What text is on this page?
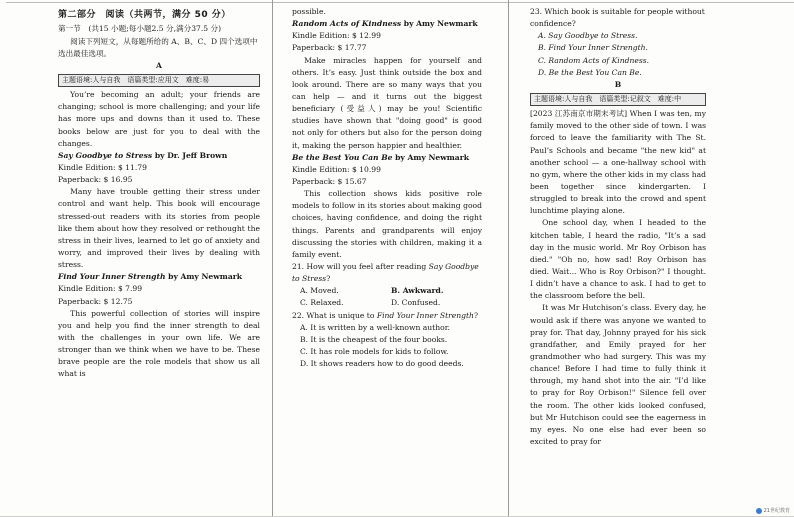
第二部分　阅读（共两节，满分 50 分）

第一节　(共15 小题;每小题2.5 分,满分37.5 分)

阅读下列短文，从每题所给的 A、B、C、D 四个选项中选出最佳选项。

A

主题语境:人与自我　语篇类型:应用文　难度:易

You’re becoming an adult; your friends are changing; school is more challenging; and your life has more ups and downs than it used to. These books below are just for you to deal with the changes.

Say Goodbye to Stress by Dr. Jeff Brown

Kindle Edition: $ 11.79

Paperback: $ 16.95

Many have trouble getting their stress under control and want help. This book will encourage stressed-out readers with its stories from people like them about how they resolved or rethought the stress in their lives, learned to let go of anxiety and worry, and improved their lives by dealing with stress.

Find Your Inner Strength by Amy Newmark

Kindle Edition: $ 7.99

Paperback: $ 12.75

This powerful collection of stories will inspire you and help you find the inner strength to deal with the challenges in your own life. We are stronger than we think when we have to be. These brave people are the role models that show us all what is

possible.

Random Acts of Kindness by Amy Newmark

Kindle Edition: $ 12.99

Paperback: $ 17.77

Make miracles happen for yourself and others. It’s easy. Just think outside the box and look around. There are so many ways that you can help — and it turns out the biggest beneficiary (受益人) may be you! Scientific studies have shown that "doing good" is good not only for others but also for the person doing it, making the person happier and healthier.

Be the Best You Can Be by Amy Newmark

Kindle Edition: $ 10.99

Paperback: $ 15.67

This collection shows kids positive role models to follow in its stories about making good choices, having confidence, and doing the right things. Parents and grandparents will enjoy discussing the stories with children, making it a family event.

21. How will you feel after reading Say Goodbye to Stress?

A. Moved.	B. Awkward.
C. Relaxed.	D. Confused.

22. What is unique to Find Your Inner Strength?

A. It is written by a well-known author.

B. It is the cheapest of the four books.

C. It has role models for kids to follow.

D. It shows readers how to do good deeds.

23. Which book is suitable for people without confidence?

A. Say Goodbye to Stress.

B. Find Your Inner Strength.

C. Random Acts of Kindness.

D. Be the Best You Can Be.

B

主题语境:人与自我　语篇类型:记叙文　难度:中

[2023 江苏南京市期末考试] When I was ten, my family moved to the other side of town. I was forced to leave the familiarity with The St. Paul’s Schools and became "the new kid" at another school — a one-hallway school with no gym, where the other kids in my class had been together since kindergarten. I struggled to break into the crowd and spent lunchtime playing alone.

One school day, when I headed to the kitchen table, I heard the radio, "It’s a sad day in the music world. Mr Roy Orbison has died." "Oh no, how sad! Roy Orbison has died. Wait... Who is Roy Orbison?" I thought. I didn’t have a chance to ask. I had to get to the classroom before the bell.

It was Mr Hutchison’s class. Every day, he would ask if there was anyone we wanted to pray for. That day, Johnny prayed for his sick grandfather, and Emily prayed for her grandmother who had surgery. This was my chance! Before I had time to fully think it through, my hand shot into the air. "I’d like to pray for Roy Orbison!" Silence fell over the room. The other kids looked confused, but Mr Hutchison could see the eagerness in my eyes. No one else had ever been so excited to pray for

21世纪教育
